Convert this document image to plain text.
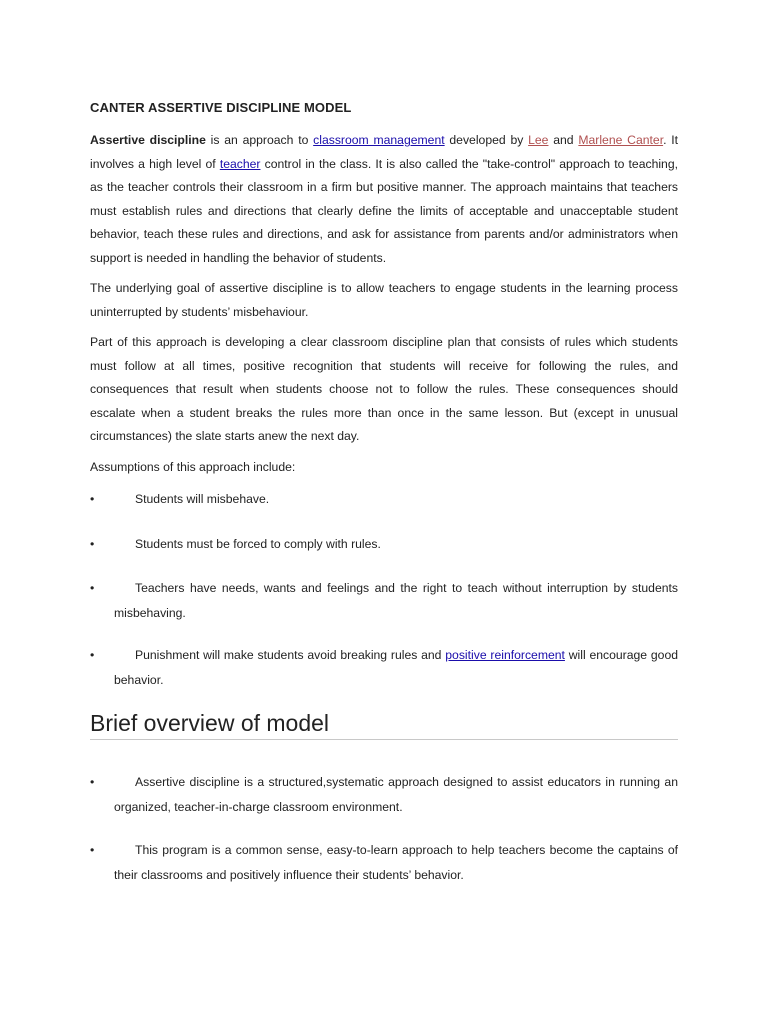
CANTER ASSERTIVE DISCIPLINE MODEL

Assertive discipline is an approach to classroom management developed by Lee and Marlene Canter. It involves a high level of teacher control in the class. It is also called the "take-control" approach to teaching, as the teacher controls their classroom in a firm but positive manner. The approach maintains that teachers must establish rules and directions that clearly define the limits of acceptable and unacceptable student behavior, teach these rules and directions, and ask for assistance from parents and/or administrators when support is needed in handling the behavior of students.

The underlying goal of assertive discipline is to allow teachers to engage students in the learning process uninterrupted by students’ misbehaviour.

Part of this approach is developing a clear classroom discipline plan that consists of rules which students must follow at all times, positive recognition that students will receive for following the rules, and consequences that result when students choose not to follow the rules. These consequences should escalate when a student breaks the rules more than once in the same lesson. But (except in unusual circumstances) the slate starts anew the next day.

Assumptions of this approach include:

•	Students will misbehave.
•	Students must be forced to comply with rules.
•	Teachers have needs, wants and feelings and the right to teach without interruption by students misbehaving.
•	Punishment will make students avoid breaking rules and positive reinforcement will encourage good behavior.
Brief overview of model
•	Assertive discipline is a structured,systematic approach designed to assist educators in running an organized, teacher-in-charge classroom environment.
•	This program is a common sense, easy-to-learn approach to help teachers become the captains of their classrooms and positively influence their students’ behavior.
